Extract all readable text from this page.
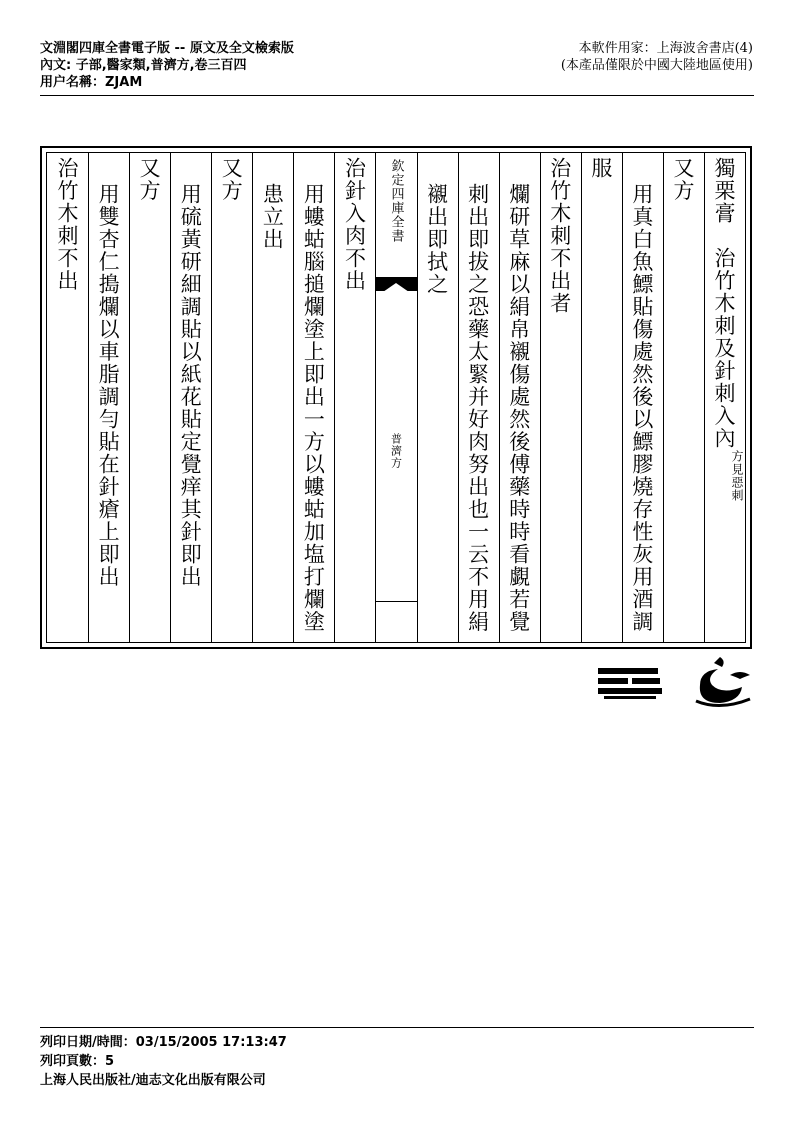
文淵閣四庫全書電子版 -- 原文及全文檢索版
內文: 子部,醫家類,普濟方,卷三百四
用户名稱：ZJAM
本軟件用家：上海波舍書店(4)
(本產品僅限於中國大陸地區使用)
獨栗膏　治竹木刺及針刺入內方見惡刺
又方
用真白魚鰾貼傷處然後以鰾膠燒存性灰用酒調
服
治竹木刺不出者
爛研草麻以絹帛襯傷處然後傅藥時時看覷若覺
刺出即拔之恐藥太緊并好肉努出也一云不用絹
襯出即拭之
欽定四庫全書
普濟方
治針入肉不出
用螻蛄腦搥爛塗上即出一方以螻蛄加塩打爛塗
患立出
又方
用硫黃研細調貼以紙花貼定覺痒其針即出
又方
用雙杏仁搗爛以車脂調勻貼在針瘡上即出
治竹木刺不出
列印日期/時間：03/15/2005 17:13:47
列印頁數：5
上海人民出版社/迪志文化出版有限公司
